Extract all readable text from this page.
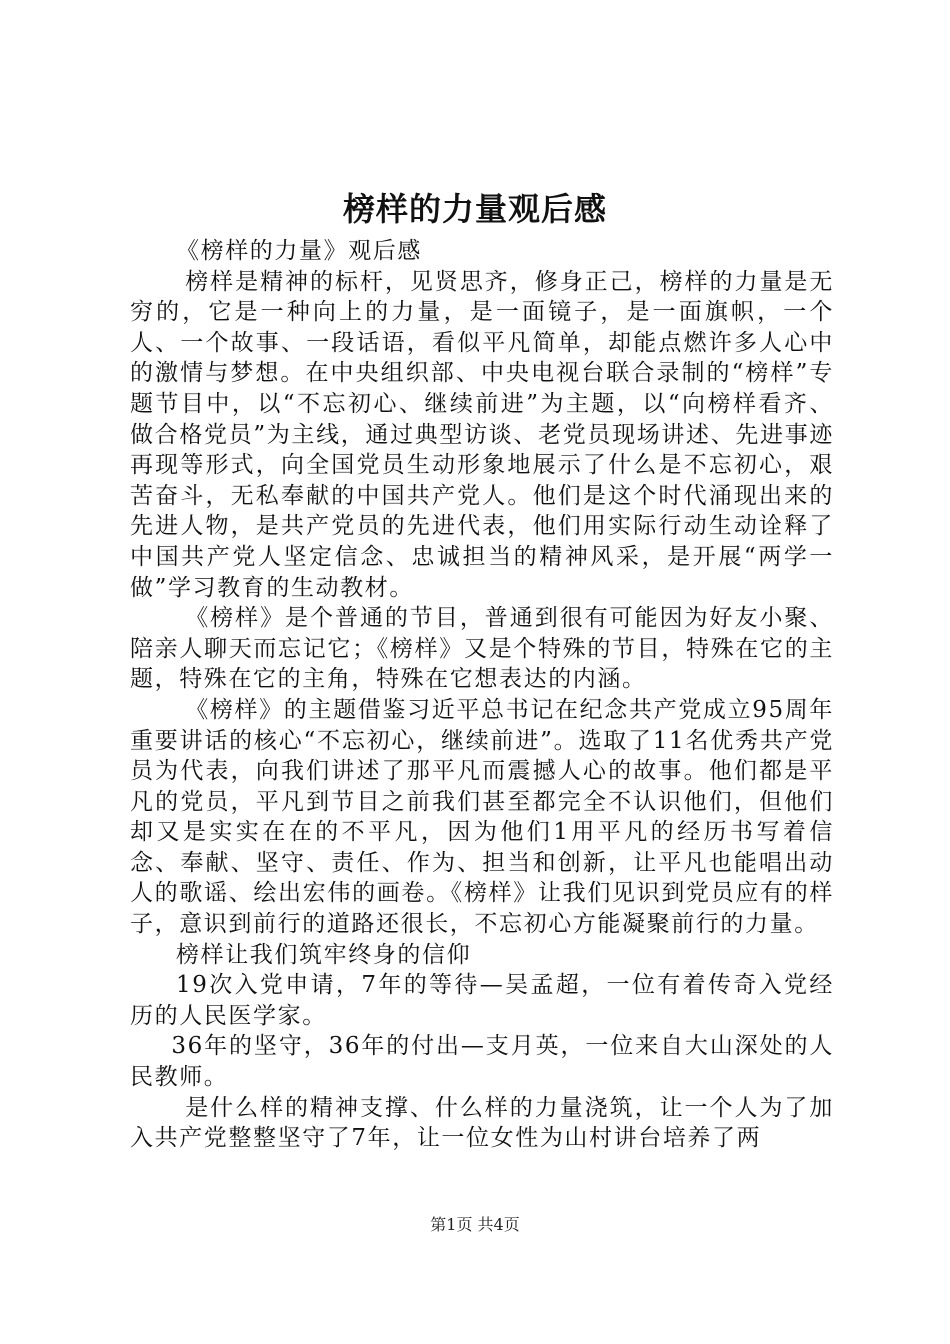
榜样的力量观后感

《榜样的力量》观后感

榜样是精神的标杆，见贤思齐，修身正己，榜样的力量是无穷的，它是一种向上的力量，是一面镜子，是一面旗帜，一个人、一个故事、一段话语，看似平凡简单，却能点燃许多人心中的激情与梦想。在中央组织部、中央电视台联合录制的“榜样”专题节目中，以“不忘初心、继续前进”为主题，以“向榜样看齐、做合格党员”为主线，通过典型访谈、老党员现场讲述、先进事迹再现等形式，向全国党员生动形象地展示了什么是不忘初心，艰苦奋斗，无私奉献的中国共产党人。他们是这个时代涌现出来的先进人物，是共产党员的先进代表，他们用实际行动生动诠释了中国共产党人坚定信念、忠诚担当的精神风采，是开展“两学一做”学习教育的生动教材。

《榜样》是个普通的节目，普通到很有可能因为好友小聚、陪亲人聊天而忘记它；《榜样》又是个特殊的节目，特殊在它的主题，特殊在它的主角，特殊在它想表达的内涵。

《榜样》的主题借鉴习近平总书记在纪念共产党成立95周年重要讲话的核心“不忘初心，继续前进”。选取了11名优秀共产党员为代表，向我们讲述了那平凡而震撼人心的故事。他们都是平凡的党员，平凡到节目之前我们甚至都完全不认识他们，但他们却又是实实在在的不平凡，因为他们1用平凡的经历书写着信念、奉献、坚守、责任、作为、担当和创新，让平凡也能唱出动人的歌谣、绘出宏伟的画卷。《榜样》让我们见识到党员应有的样子，意识到前行的道路还很长，不忘初心方能凝聚前行的力量。

榜样让我们筑牢终身的信仰

19次入党申请，7年的等待—吴孟超，一位有着传奇入党经历的人民医学家。

36年的坚守，36年的付出—支月英，一位来自大山深处的人民教师。

是什么样的精神支撑、什么样的力量浇筑，让一个人为了加入共产党整整坚守了7年，让一位女性为山村讲台培养了两

第1页 共4页
